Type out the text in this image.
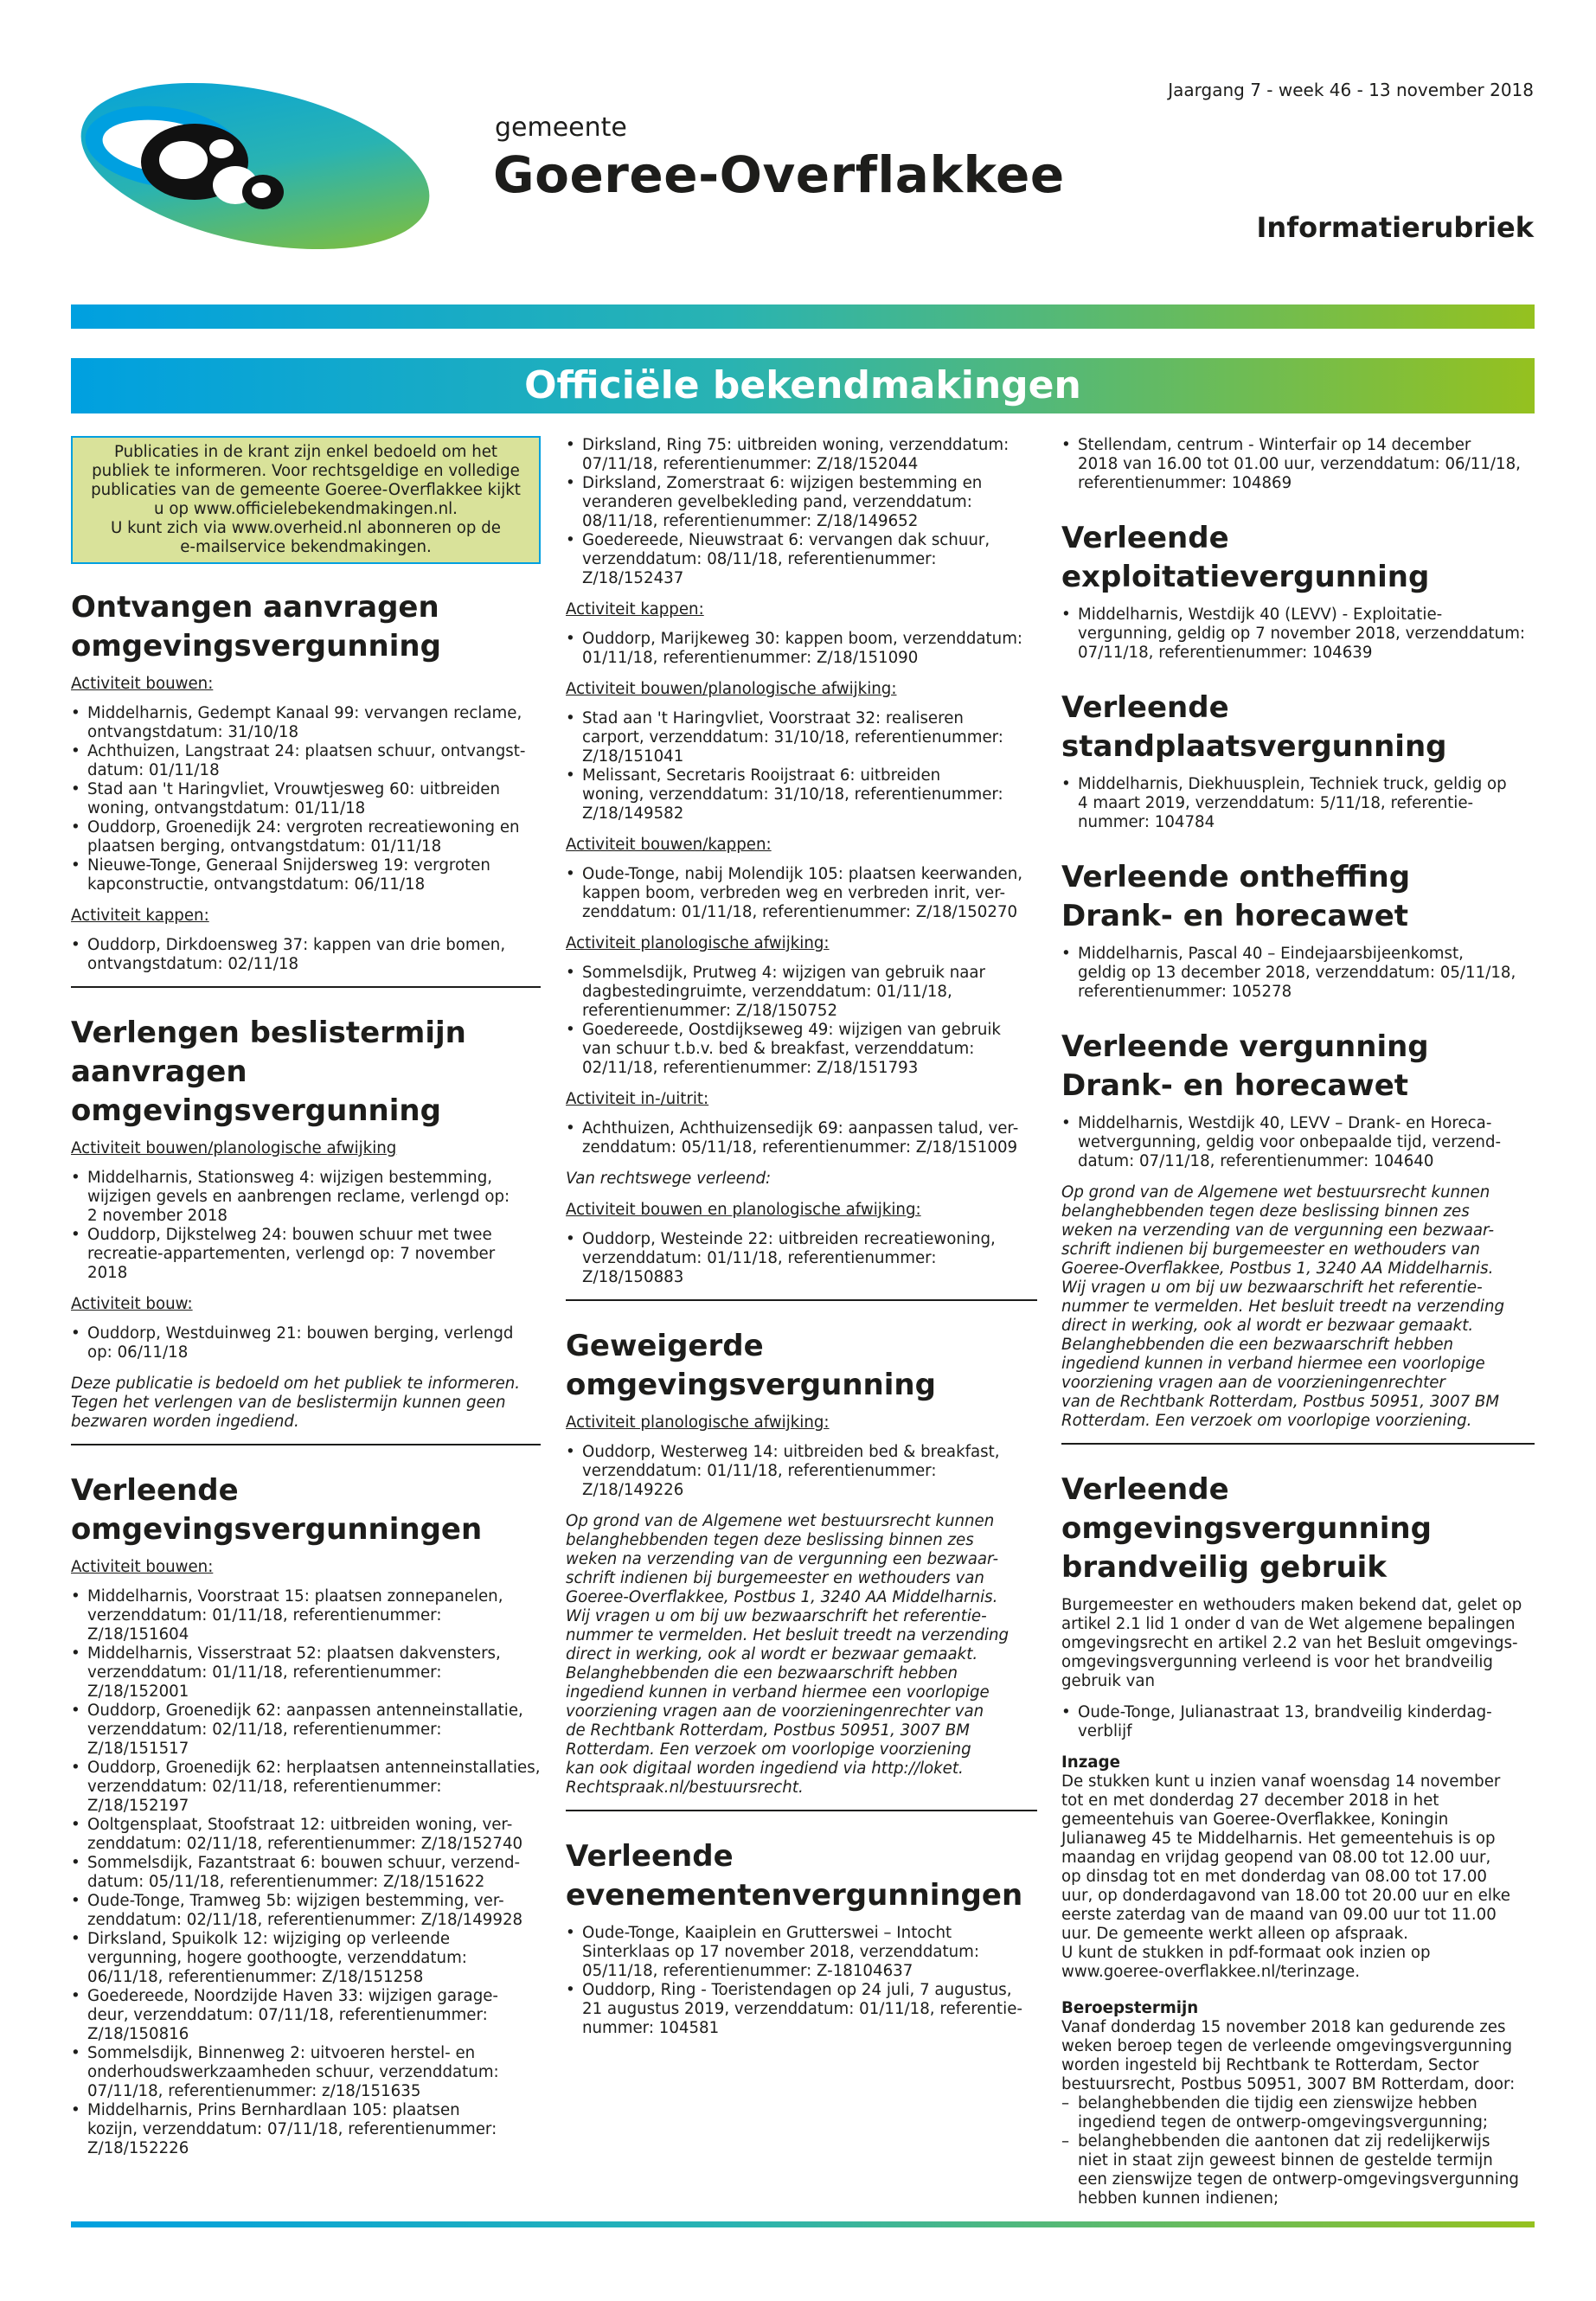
gemeente
Goeree-Overflakkee
Jaargang 7 - week 46 - 13 november 2018
Informatierubriek
Officiële bekendmakingen
Publicaties in de krant zijn enkel bedoeld om het
publiek te informeren. Voor rechtsgeldige en volledige
publicaties van de gemeente Goeree-Overflakkee kijkt
u op www.officielebekendmakingen.nl.
U kunt zich via www.overheid.nl abonneren op de
e-mailservice bekendmakingen.
Ontvangen aanvragen
omgevingsvergunning
Activiteit bouwen:
• Middelharnis, Gedempt Kanaal 99: vervangen reclame,
ontvangstdatum: 31/10/18
• Achthuizen, Langstraat 24: plaatsen schuur, ontvangst-
datum: 01/11/18
• Stad aan 't Haringvliet, Vrouwtjesweg 60: uitbreiden
woning, ontvangstdatum: 01/11/18
• Ouddorp, Groenedijk 24: vergroten recreatiewoning en
plaatsen berging, ontvangstdatum: 01/11/18
• Nieuwe-Tonge, Generaal Snijdersweg 19: vergroten
kapconstructie, ontvangstdatum: 06/11/18
Activiteit kappen:
• Ouddorp, Dirkdoensweg 37: kappen van drie bomen,
ontvangstdatum: 02/11/18
Verlengen beslistermijn
aanvragen omgevingsvergunning
Activiteit bouwen/planologische afwijking
• Middelharnis, Stationsweg 4: wijzigen bestemming,
wijzigen gevels en aanbrengen reclame, verlengd op:
2 november 2018
• Ouddorp, Dijkstelweg 24: bouwen schuur met twee
recreatie-appartementen, verlengd op: 7 november
2018
Activiteit bouw:
• Ouddorp, Westduinweg 21: bouwen berging, verlengd
op: 06/11/18
Deze publicatie is bedoeld om het publiek te informeren.
Tegen het verlengen van de beslistermijn kunnen geen
bezwaren worden ingediend.
Verleende
omgevingsvergunningen
Activiteit bouwen:
• Middelharnis, Voorstraat 15: plaatsen zonnepanelen,
verzenddatum: 01/11/18, referentienummer:
Z/18/151604
• Middelharnis, Visserstraat 52: plaatsen dakvensters,
verzenddatum: 01/11/18, referentienummer:
Z/18/152001
• Ouddorp, Groenedijk 62: aanpassen antenneinstallatie,
verzenddatum: 02/11/18, referentienummer: Z/18/151517
• Ouddorp, Groenedijk 62: herplaatsen antenneinstallaties,
verzenddatum: 02/11/18, referentienummer: Z/18/152197
• Ooltgensplaat, Stoofstraat 12: uitbreiden woning, ver-
zenddatum: 02/11/18, referentienummer: Z/18/152740
• Sommelsdijk, Fazantstraat 6: bouwen schuur, verzend-
datum: 05/11/18, referentienummer: Z/18/151622
• Oude-Tonge, Tramweg 5b: wijzigen bestemming, ver-
zenddatum: 02/11/18, referentienummer: Z/18/149928
• Dirksland, Spuikolk 12: wijziging op verleende
vergunning, hogere goothoogte, verzenddatum:
06/11/18, referentienummer: Z/18/151258
• Goedereede, Noordzijde Haven 33: wijzigen garage-
deur, verzenddatum: 07/11/18, referentienummer:
Z/18/150816
• Sommelsdijk, Binnenweg 2: uitvoeren herstel- en
onderhoudswerkzaamheden schuur, verzenddatum:
07/11/18, referentienummer: z/18/151635
• Middelharnis, Prins Bernhardlaan 105: plaatsen
kozijn, verzenddatum: 07/11/18, referentienummer:
Z/18/152226
• Dirksland, Ring 75: uitbreiden woning, verzenddatum:
07/11/18, referentienummer: Z/18/152044
• Dirksland, Zomerstraat 6: wijzigen bestemming en
veranderen gevelbekleding pand, verzenddatum:
08/11/18, referentienummer: Z/18/149652
• Goedereede, Nieuwstraat 6: vervangen dak schuur,
verzenddatum: 08/11/18, referentienummer:
Z/18/152437
Activiteit kappen:
• Ouddorp, Marijkeweg 30: kappen boom, verzenddatum:
01/11/18, referentienummer: Z/18/151090
Activiteit bouwen/planologische afwijking:
• Stad aan 't Haringvliet, Voorstraat 32: realiseren
carport, verzenddatum: 31/10/18, referentienummer:
Z/18/151041
• Melissant, Secretaris Rooijstraat 6: uitbreiden
woning, verzenddatum: 31/10/18, referentienummer:
Z/18/149582
Activiteit bouwen/kappen:
• Oude-Tonge, nabij Molendijk 105: plaatsen keerwanden,
kappen boom, verbreden weg en verbreden inrit, ver-
zenddatum: 01/11/18, referentienummer: Z/18/150270
Activiteit planologische afwijking:
• Sommelsdijk, Prutweg 4: wijzigen van gebruik naar
dagbestedingruimte, verzenddatum: 01/11/18,
referentienummer: Z/18/150752
• Goedereede, Oostdijkseweg 49: wijzigen van gebruik
van schuur t.b.v. bed & breakfast, verzenddatum:
02/11/18, referentienummer: Z/18/151793
Activiteit in-/uitrit:
• Achthuizen, Achthuizensedijk 69: aanpassen talud, ver-
zenddatum: 05/11/18, referentienummer: Z/18/151009
Van rechtswege verleend:
Activiteit bouwen en planologische afwijking:
• Ouddorp, Westeinde 22: uitbreiden recreatiewoning,
verzenddatum: 01/11/18, referentienummer:
Z/18/150883
Geweigerde
omgevingsvergunning
Activiteit planologische afwijking:
• Ouddorp, Westerweg 14: uitbreiden bed & breakfast,
verzenddatum: 01/11/18, referentienummer:
Z/18/149226
Op grond van de Algemene wet bestuursrecht kunnen
belanghebbenden tegen deze beslissing binnen zes
weken na verzending van de vergunning een bezwaar-
schrift indienen bij burgemeester en wethouders van
Goeree-Overflakkee, Postbus 1, 3240 AA Middelharnis.
Wij vragen u om bij uw bezwaarschrift het referentie-
nummer te vermelden. Het besluit treedt na verzending
direct in werking, ook al wordt er bezwaar gemaakt.
Belanghebbenden die een bezwaarschrift hebben
ingediend kunnen in verband hiermee een voorlopige
voorziening vragen aan de voorzieningenrechter van
de Rechtbank Rotterdam, Postbus 50951, 3007 BM
Rotterdam. Een verzoek om voorlopige voorziening
kan ook digitaal worden ingediend via http://loket.
Rechtspraak.nl/bestuursrecht.
Verleende
evenementenvergunningen
• Oude-Tonge, Kaaiplein en Grutterswei – Intocht
Sinterklaas op 17 november 2018, verzenddatum:
05/11/18, referentienummer: Z-18104637
• Ouddorp, Ring - Toeristendagen op 24 juli, 7 augustus,
21 augustus 2019, verzenddatum: 01/11/18, referentie-
nummer: 104581
• Stellendam, centrum - Winterfair op 14 december
2018 van 16.00 tot 01.00 uur, verzenddatum: 06/11/18,
referentienummer: 104869
Verleende exploitatievergunning
• Middelharnis, Westdijk 40 (LEVV) - Exploitatie-
vergunning, geldig op 7 november 2018, verzenddatum:
07/11/18, referentienummer: 104639
Verleende
standplaatsvergunning
• Middelharnis, Diekhuusplein, Techniek truck, geldig op
4 maart 2019, verzenddatum: 5/11/18, referentie-
nummer: 104784
Verleende ontheffing
Drank- en horecawet
• Middelharnis, Pascal 40 – Eindejaarsbijeenkomst,
geldig op 13 december 2018, verzenddatum: 05/11/18,
referentienummer: 105278
Verleende vergunning
Drank- en horecawet
• Middelharnis, Westdijk 40, LEVV – Drank- en Horeca-
wetvergunning, geldig voor onbepaalde tijd, verzend-
datum: 07/11/18, referentienummer: 104640
Op grond van de Algemene wet bestuursrecht kunnen
belanghebbenden tegen deze beslissing binnen zes
weken na verzending van de vergunning een bezwaar-
schrift indienen bij burgemeester en wethouders van
Goeree-Overflakkee, Postbus 1, 3240 AA Middelharnis.
Wij vragen u om bij uw bezwaarschrift het referentie-
nummer te vermelden. Het besluit treedt na verzending
direct in werking, ook al wordt er bezwaar gemaakt.
Belanghebbenden die een bezwaarschrift hebben
ingediend kunnen in verband hiermee een voorlopige
voorziening vragen aan de voorzieningenrechter
van de Rechtbank Rotterdam, Postbus 50951, 3007 BM
Rotterdam. Een verzoek om voorlopige voorziening.
Verleende omgevingsvergunning
brandveilig gebruik
Burgemeester en wethouders maken bekend dat, gelet op
artikel 2.1 lid 1 onder d van de Wet algemene bepalingen
omgevingsrecht en artikel 2.2 van het Besluit omgevings-
omgevingsvergunning verleend is voor het brandveilig
gebruik van
• Oude-Tonge, Julianastraat 13, brandveilig kinderdag-
verblijf
Inzage
De stukken kunt u inzien vanaf woensdag 14 november
tot en met donderdag 27 december 2018 in het
gemeentehuis van Goeree-Overflakkee, Koningin
Julianaweg 45 te Middelharnis. Het gemeentehuis is op
maandag en vrijdag geopend van 08.00 tot 12.00 uur,
op dinsdag tot en met donderdag van 08.00 tot 17.00
uur, op donderdagavond van 18.00 tot 20.00 uur en elke
eerste zaterdag van de maand van 09.00 uur tot 11.00
uur. De gemeente werkt alleen op afspraak.
U kunt de stukken in pdf-formaat ook inzien op
www.goeree-overflakkee.nl/terinzage.
Beroepstermijn
Vanaf donderdag 15 november 2018 kan gedurende zes
weken beroep tegen de verleende omgevingsvergunning
worden ingesteld bij Rechtbank te Rotterdam, Sector
bestuursrecht, Postbus 50951, 3007 BM Rotterdam, door:
– belanghebbenden die tijdig een zienswijze hebben
ingediend tegen de ontwerp-omgevingsvergunning;
– belanghebbenden die aantonen dat zij redelijkerwijs
niet in staat zijn geweest binnen de gestelde termijn
een zienswijze tegen de ontwerp-omgevingsvergunning
hebben kunnen indienen;
